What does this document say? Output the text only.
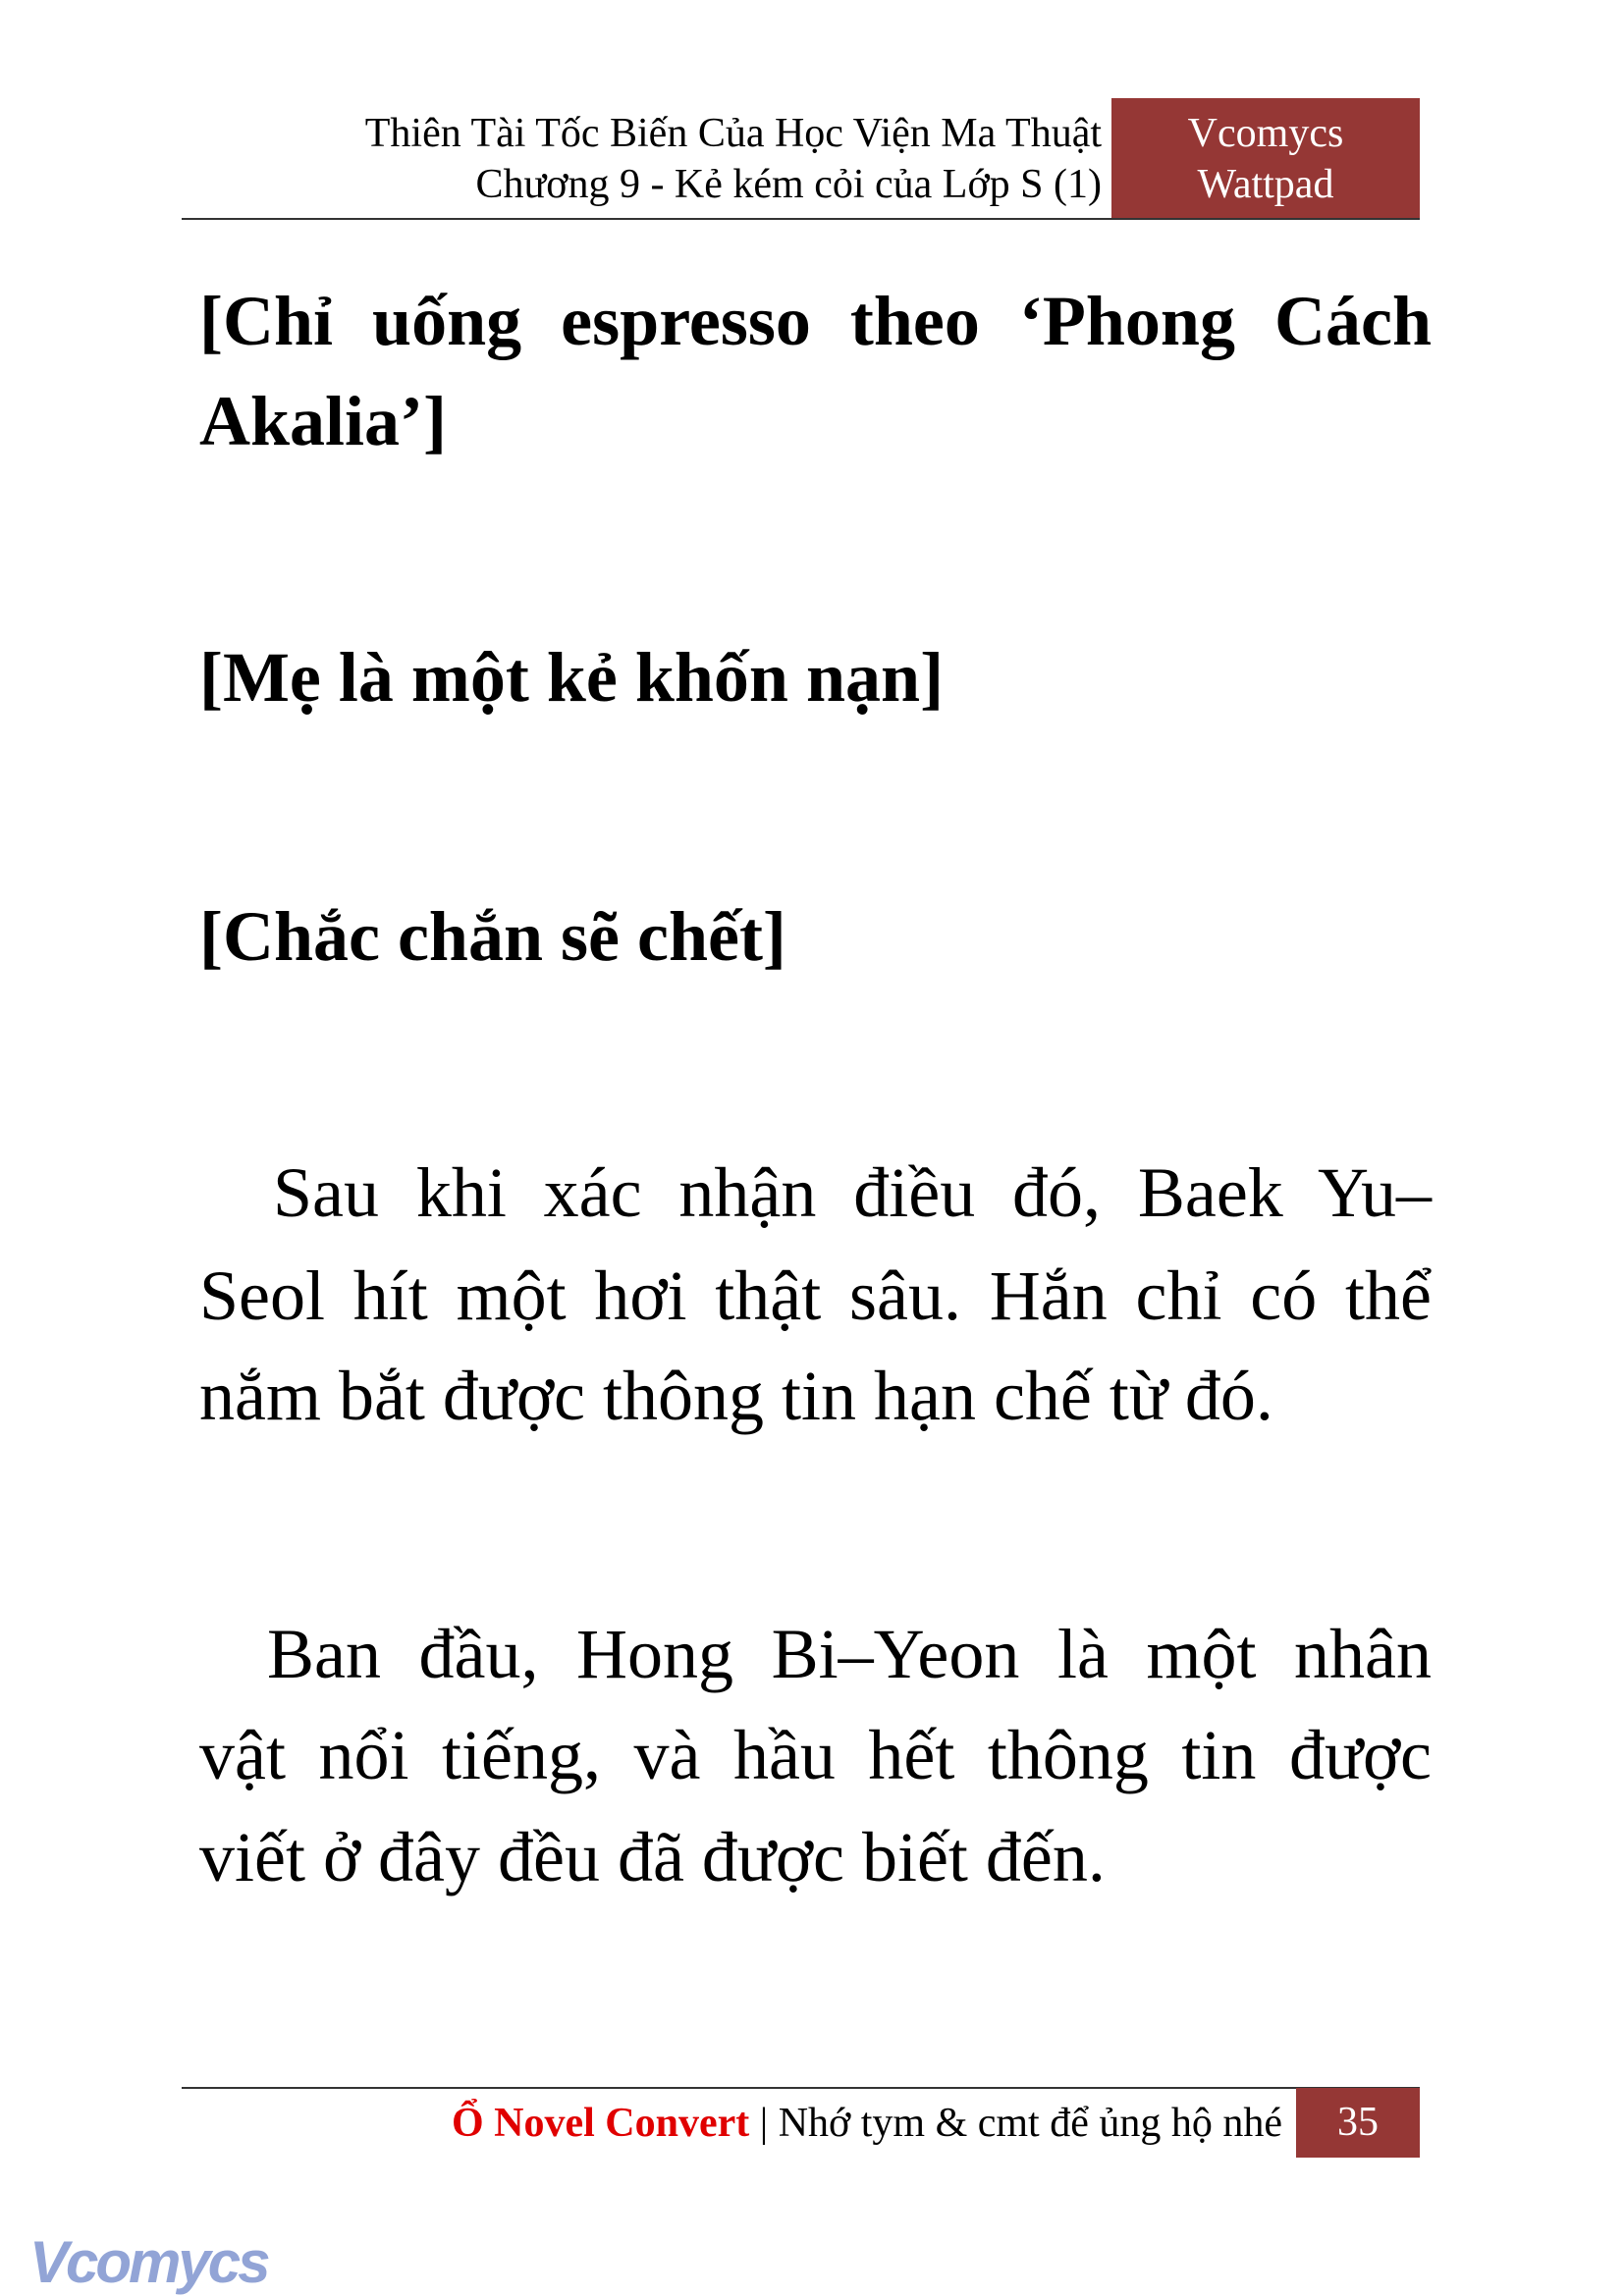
Thiên Tài Tốc Biến Của Học Viện Ma Thuật
Chương 9 - Kẻ kém cỏi của Lớp S (1)
Vcomycs
Wattpad
[Chỉ uống espresso theo ‘Phong Cách
Akalia’]
[Mẹ là một kẻ khốn nạn]
[Chắc chắn sẽ chết]
Sau khi xác nhận điều đó, Baek Yu–
Seol hít một hơi thật sâu. Hắn chỉ có thể
nắm bắt được thông tin hạn chế từ đó.
Ban đầu, Hong Bi–Yeon là một nhân
vật nổi tiếng, và hầu hết thông tin được
viết ở đây đều đã được biết đến.
Ổ Novel Convert | Nhớ tym & cmt để ủng hộ nhé	35
Vcomycs
